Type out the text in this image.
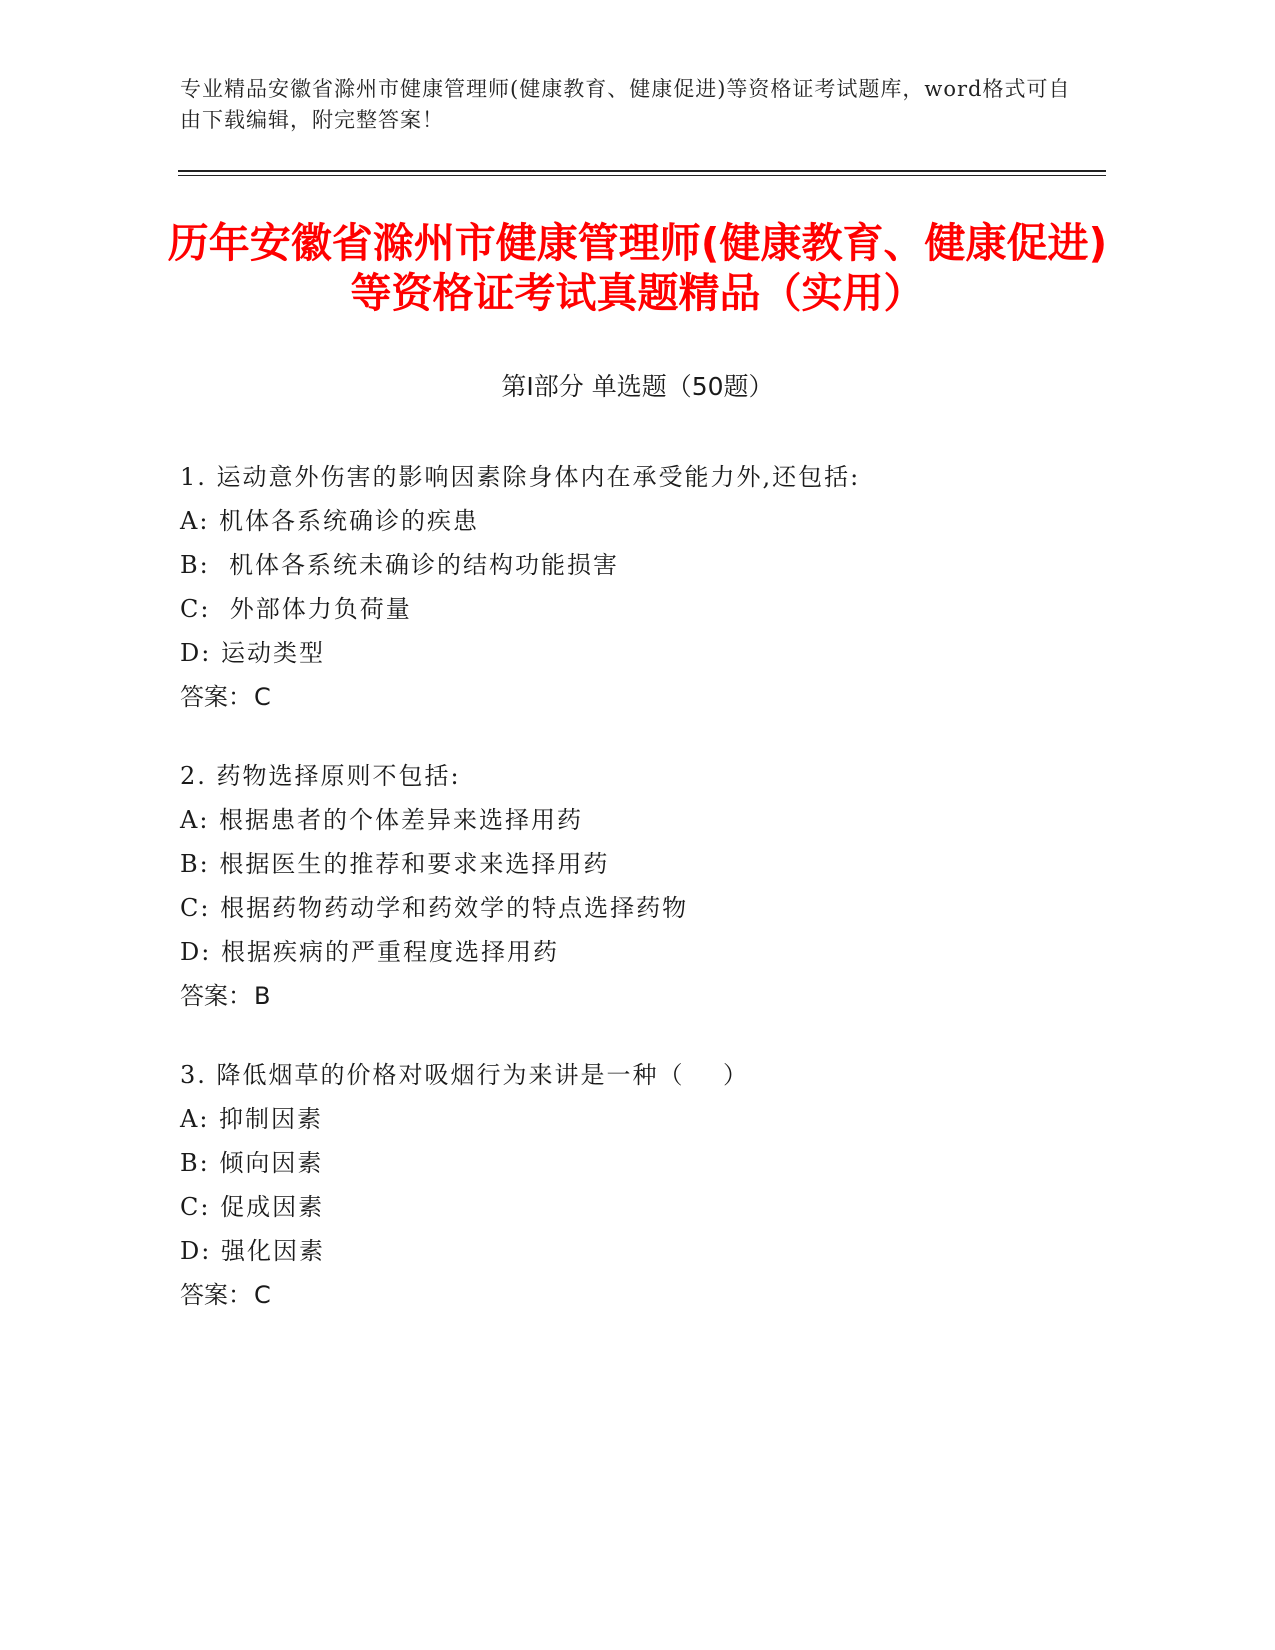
专业精品安徽省滁州市健康管理师(健康教育、健康促进)等资格证考试题库，word格式可自由下载编辑，附完整答案！
历年安徽省滁州市健康管理师(健康教育、健康促进)等资格证考试真题精品（实用）
第Ⅰ部分 单选题（50题）
1. 运动意外伤害的影响因素除身体内在承受能力外,还包括:
A: 机体各系统确诊的疾患
B:  机体各系统未确诊的结构功能损害
C:  外部体力负荷量
D: 运动类型
答案：C
2. 药物选择原则不包括:
A: 根据患者的个体差异来选择用药
B: 根据医生的推荐和要求来选择用药
C: 根据药物药动学和药效学的特点选择药物
D: 根据疾病的严重程度选择用药
答案：B
3. 降低烟草的价格对吸烟行为来讲是一种（    ）
A: 抑制因素
B: 倾向因素
C: 促成因素
D: 强化因素
答案：C
